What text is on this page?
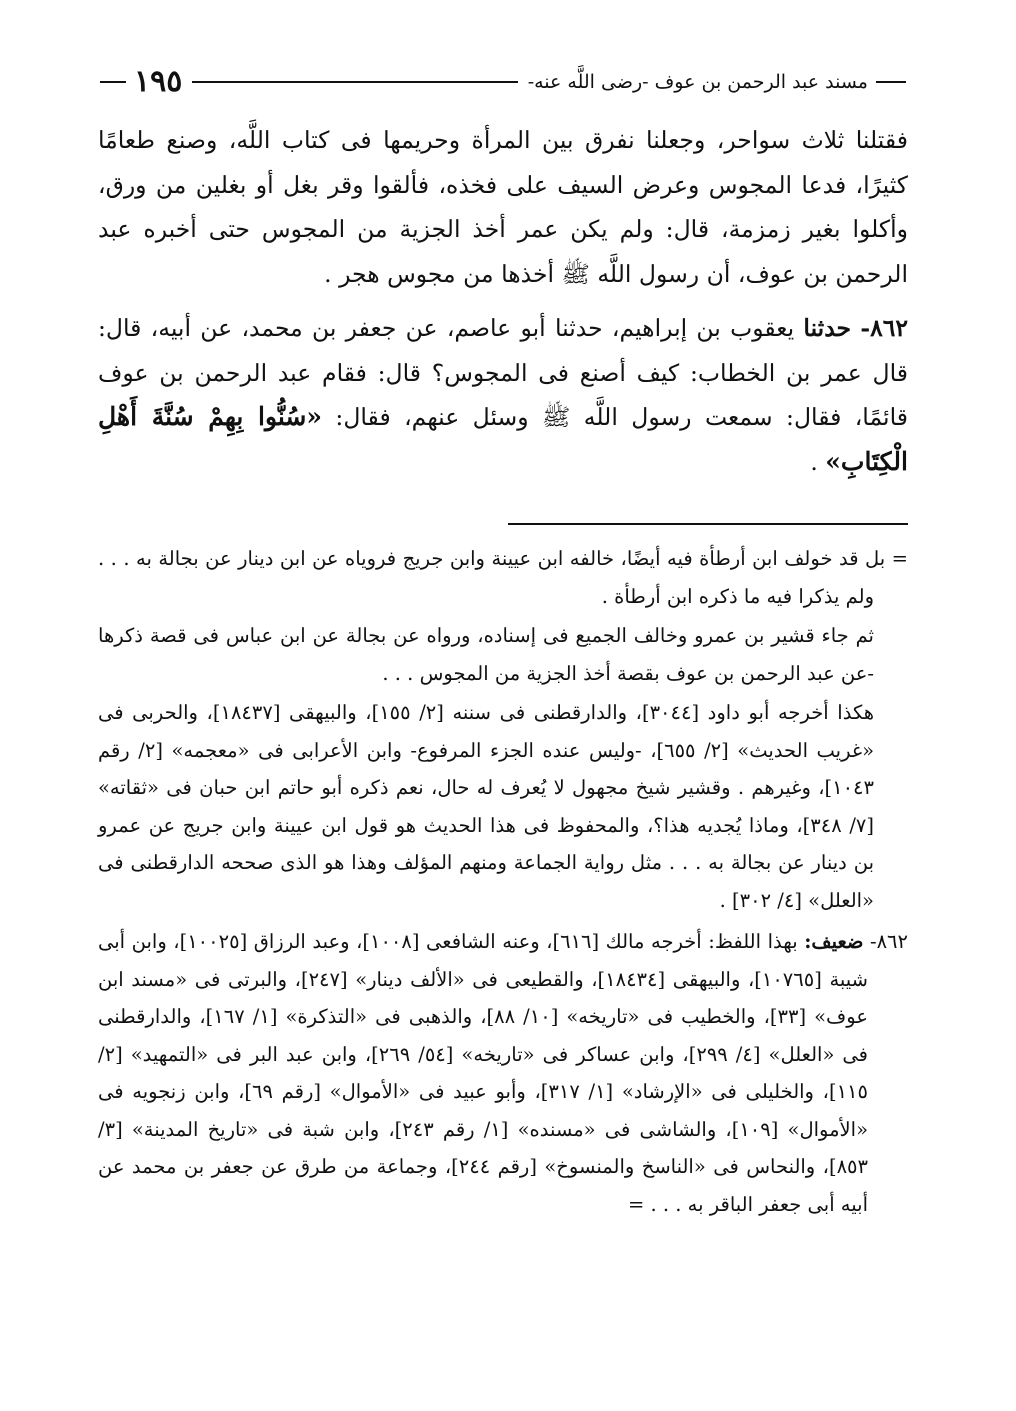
١٩٥	مسند عبد الرحمن بن عوف -رضى اللَّه عنه-

فقتلنا ثلاث سواحر، وجعلنا نفرق بين المرأة وحريمها فى كتاب اللَّه، وصنع طعامًا كثيرًا، فدعا المجوس وعرض السيف على فخذه، فألقوا وقر بغل أو بغلين من ورق، وأكلوا بغير زمزمة، قال: ولم يكن عمر أخذ الجزية من المجوس حتى أخبره عبد الرحمن بن عوف، أن رسول اللَّه ﷺ أخذها من مجوس هجر .

٨٦٢- حدثنا يعقوب بن إبراهيم، حدثنا أبو عاصم، عن جعفر بن محمد، عن أبيه، قال: قال عمر بن الخطاب: كيف أصنع فى المجوس؟ قال: فقام عبد الرحمن بن عوف قائمًا، فقال: سمعت رسول اللَّه ﷺ وسئل عنهم، فقال: «سُنُّوا بِهِمْ سُنَّةَ أَهْلِ الْكِتَابِ» .

= بل قد خولف ابن أرطأة فيه أيضًا، خالفه ابن عيينة وابن جريج فروياه عن ابن دينار عن بجالة به . . . ولم يذكرا فيه ما ذكره ابن أرطأة .

ثم جاء قشير بن عمرو وخالف الجميع فى إسناده، ورواه عن بجالة عن ابن عباس فى قصة ذكرها -عن عبد الرحمن بن عوف بقصة أخذ الجزية من المجوس . . .

هكذا أخرجه أبو داود [٣٠٤٤]، والدارقطنى فى سننه [٢/ ١٥٥]، والبيهقى [١٨٤٣٧]، والحربى فى «غريب الحديث» [٢/ ٦٥٥]، -وليس عنده الجزء المرفوع- وابن الأعرابى فى «معجمه» [٢/ رقم ١٠٤٣]، وغيرهم . وقشير شيخ مجهول لا يُعرف له حال، نعم ذكره أبو حاتم ابن حبان فى «ثقاته» [٧/ ٣٤٨]، وماذا يُجديه هذا؟، والمحفوظ فى هذا الحديث هو قول ابن عيينة وابن جريج عن عمرو بن دينار عن بجالة به . . . مثل رواية الجماعة ومنهم المؤلف وهذا هو الذى صححه الدارقطنى فى «العلل» [٤/ ٣٠٢] .

٨٦٢- ضعيف: بهذا اللفظ: أخرجه مالك [٦١٦]، وعنه الشافعى [١٠٠٨]، وعبد الرزاق [١٠٠٢٥]، وابن أبى شيبة [١٠٧٦٥]، والبيهقى [١٨٤٣٤]، والقطيعى فى «الألف دينار» [٢٤٧]، والبرتى فى «مسند ابن عوف» [٣٣]، والخطيب فى «تاريخه» [١٠/ ٨٨]، والذهبى فى «التذكرة» [١/ ١٦٧]، والدارقطنى فى «العلل» [٤/ ٢٩٩]، وابن عساكر فى «تاريخه» [٥٤/ ٢٦٩]، وابن عبد البر فى «التمهيد» [٢/ ١١٥]، والخليلى فى «الإرشاد» [١/ ٣١٧]، وأبو عبيد فى «الأموال» [رقم ٦٩]، وابن زنجويه فى «الأموال» [١٠٩]، والشاشى فى «مسنده» [١/ رقم ٢٤٣]، وابن شبة فى «تاريخ المدينة» [٣/ ٨٥٣]، والنحاس فى «الناسخ والمنسوخ» [رقم ٢٤٤]، وجماعة من طرق عن جعفر بن محمد عن أبيه أبى جعفر الباقر به . . . =
